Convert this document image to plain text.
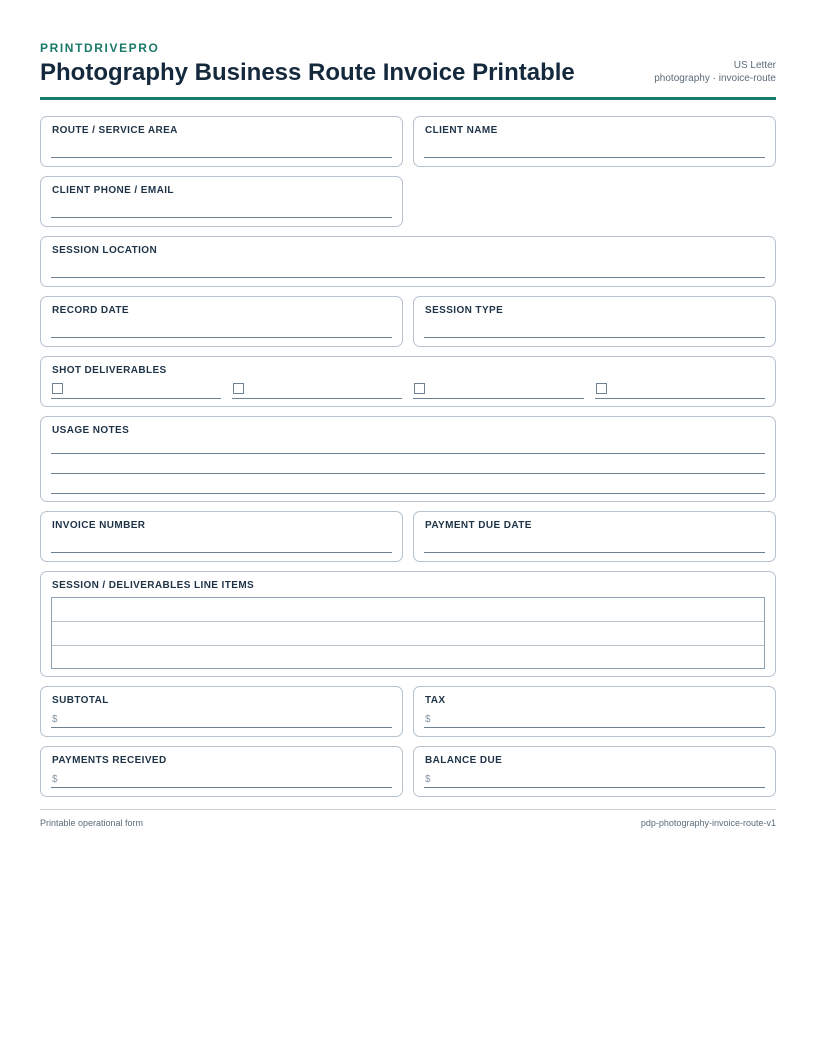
PRINTDRIVEPRO
Photography Business Route Invoice Printable	US Letter
photography · invoice-route
ROUTE / SERVICE AREA	CLIENT NAME
CLIENT PHONE / EMAIL
SESSION LOCATION
RECORD DATE	SESSION TYPE
SHOT DELIVERABLES
USAGE NOTES
INVOICE NUMBER	PAYMENT DUE DATE
SESSION / DELIVERABLES LINE ITEMS
SUBTOTAL
$
TAX
$
PAYMENTS RECEIVED
$
BALANCE DUE
$
Printable operational form	pdp-photography-invoice-route-v1
